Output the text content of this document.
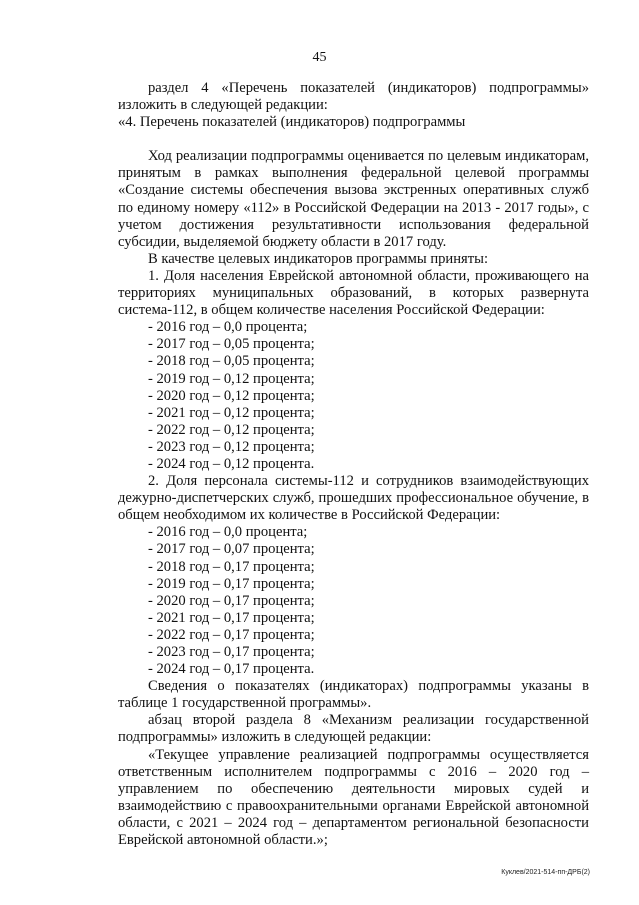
45

раздел 4 «Перечень показателей (индикаторов) подпрограммы» изложить в следующей редакции:

«4. Перечень показателей (индикаторов) подпрограммы

Ход реализации подпрограммы оценивается по целевым индикаторам, принятым в рамках выполнения федеральной целевой программы «Создание системы обеспечения вызова экстренных оперативных служб по единому номеру «112» в Российской Федерации на 2013 - 2017 годы», с учетом достижения результативности использования федеральной субсидии, выделяемой бюджету области в 2017 году.

В качестве целевых индикаторов программы приняты:

1. Доля населения Еврейской автономной области, проживающего на территориях муниципальных образований, в которых развернута система-112, в общем количестве населения Российской Федерации:

- 2016 год – 0,0 процента;
- 2017 год – 0,05 процента;
- 2018 год – 0,05 процента;
- 2019 год – 0,12 процента;
- 2020 год – 0,12 процента;
- 2021 год – 0,12 процента;
- 2022 год – 0,12 процента;
- 2023 год – 0,12 процента;
- 2024 год – 0,12 процента.

2. Доля персонала системы-112 и сотрудников взаимодействующих дежурно-диспетчерских служб, прошедших профессиональное обучение, в общем необходимом их количестве в Российской Федерации:

- 2016 год – 0,0 процента;
- 2017 год – 0,07 процента;
- 2018 год – 0,17 процента;
- 2019 год – 0,17 процента;
- 2020 год – 0,17 процента;
- 2021 год – 0,17 процента;
- 2022 год – 0,17 процента;
- 2023 год – 0,17 процента;
- 2024 год – 0,17 процента.

Сведения о показателях (индикаторах) подпрограммы указаны в таблице 1 государственной программы».

абзац второй раздела 8 «Механизм реализации государственной подпрограммы» изложить в следующей редакции:

«Текущее управление реализацией подпрограммы осуществляется ответственным исполнителем подпрограммы с 2016 – 2020 год – управлением по обеспечению деятельности мировых судей и взаимодействию с правоохранительными органами Еврейской автономной области, с 2021 – 2024 год – департаментом региональной безопасности Еврейской автономной области.»;

Куклев/2021-514-пп-ДРБ(2)
